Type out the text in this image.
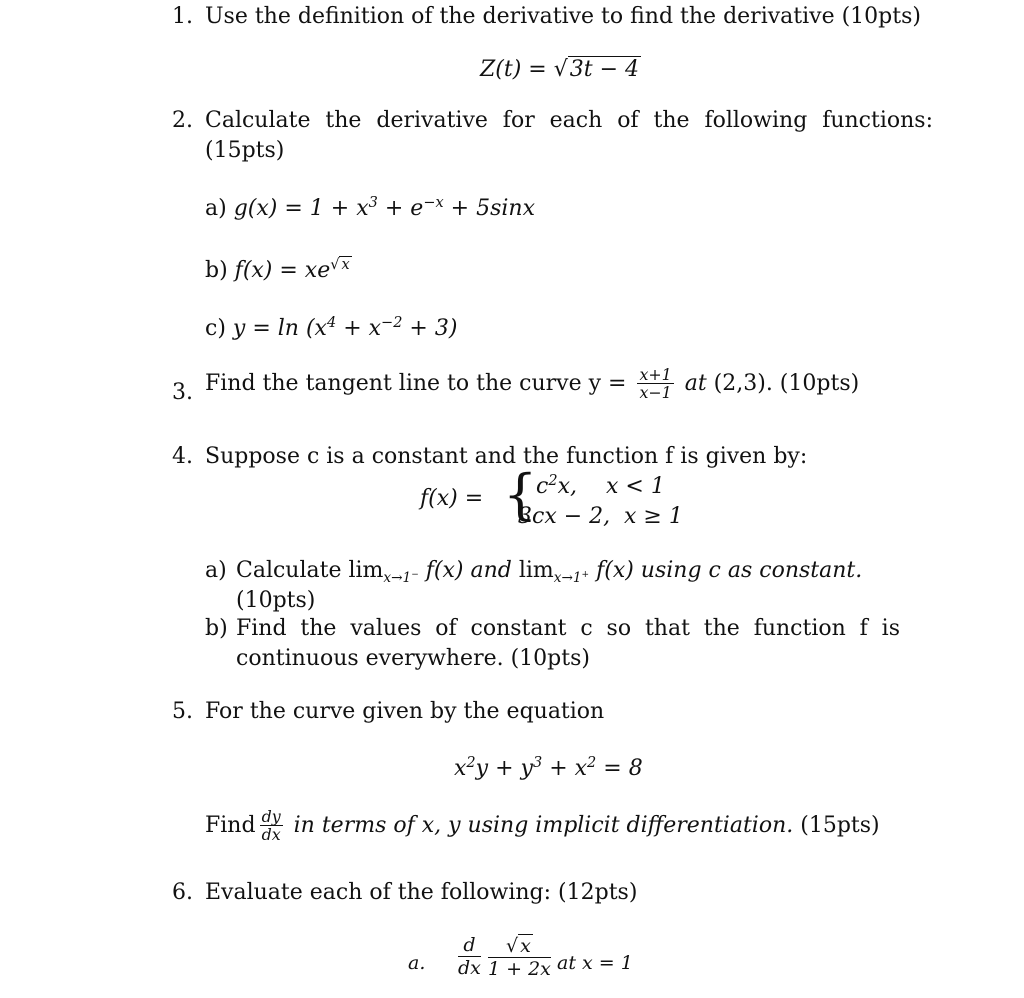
1. Use the definition of the derivative to find the derivative (10pts)
Z(t) = √3t − 4
2. Calculate the derivative for each of the following functions:
(15pts)
a) $g(x) = 1 + x^3 + e^{-x} + 5\sin x$
b) $f(x) = xe^{√ x}$
c) $y = \ln (x^4 + x^{-2} + 3)$
3. Find the tangent line to the curve $y = \frac{x+1}{x-1}$ at (2,3). (10pts)
4. Suppose c is a constant and the function f is given by:
f(x) = {
$c^2x$, x < 1
3cx − 2, x ≥ 1
a) Calculate $\lim_{x\to 1^-} f(x)$ and $\lim_{x\to 1^+} f(x)$ using c as constant.
(10pts)
b) Find the values of constant c so that the function f is
continuous everywhere. (10pts)
5. For the curve given by the equation
$x^2y + y^3 + x^2 = 8$
Find $\frac{dy}{dx}$ in terms of x, y using implicit differentiation. (15pts)
6. Evaluate each of the following: (12pts)
a. $\frac{d}{dx} \frac{√ x}{1 + 2x}$ at x = 1
